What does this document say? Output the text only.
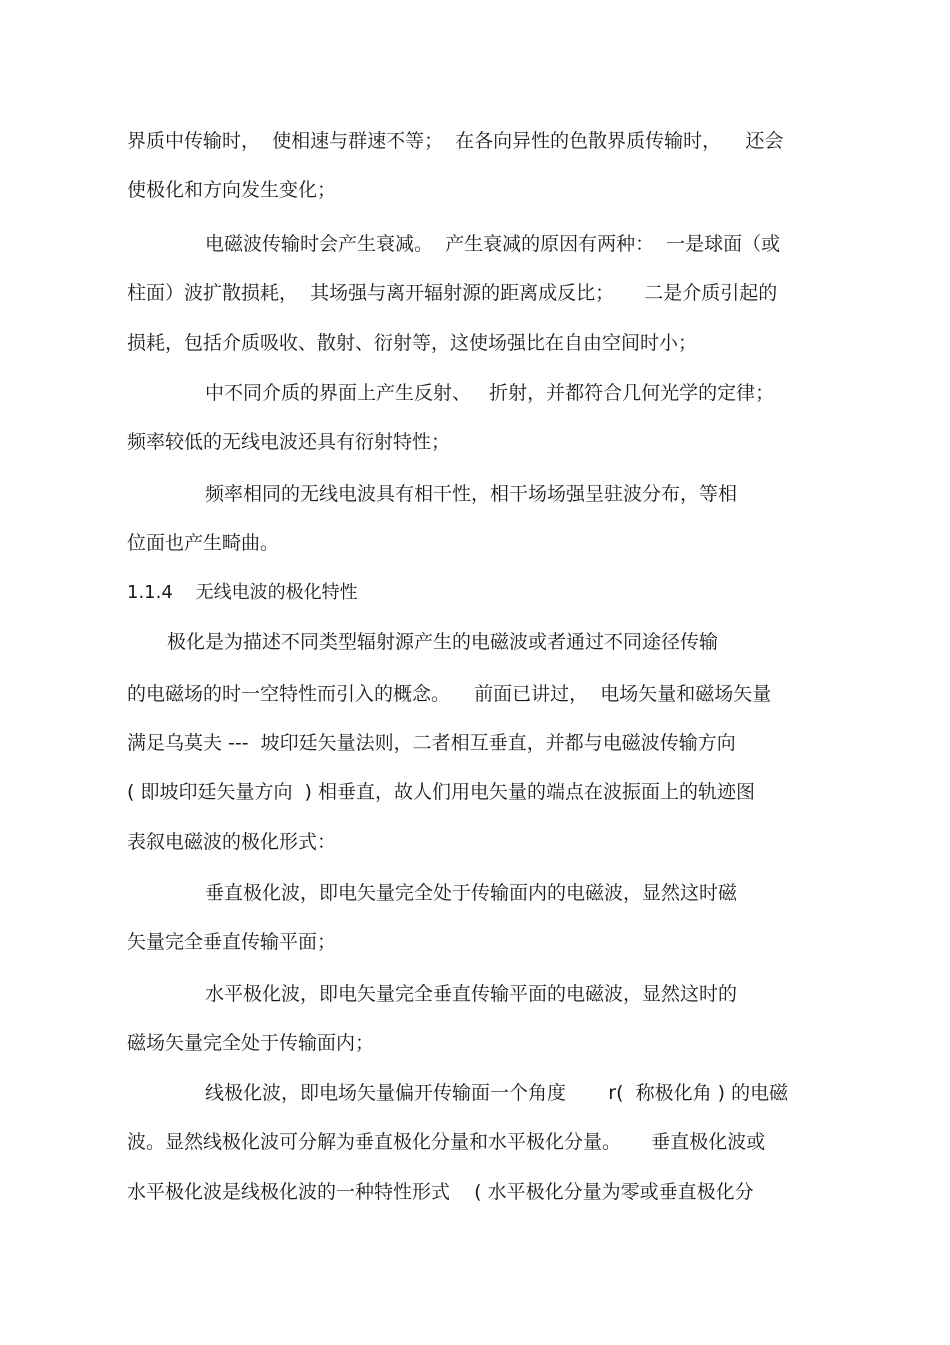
界质中传输时，  使相速与群速不等；  在各向异性的色散界质传输时，    还会
使极化和方向发生变化；
电磁波传输时会产生衰减。  产生衰减的原因有两种：  一是球面（或
柱面）波扩散损耗，  其场强与离开辐射源的距离成反比；     二是介质引起的
损耗，包括介质吸收、散射、衍射等，这使场强比在自由空间时小；
中不同介质的界面上产生反射、   折射，并都符合几何光学的定律；
频率较低的无线电波还具有衍射特性；
频率相同的无线电波具有相干性，相干场场强呈驻波分布，等相
位面也产生畸曲。
1.1.4    无线电波的极化特性
极化是为描述不同类型辐射源产生的电磁波或者通过不同途径传输
的电磁场的时一空特性而引入的概念。    前面已讲过，  电场矢量和磁场矢量
满足乌莫夫 ---  坡印廷矢量法则，二者相互垂直，并都与电磁波传输方向
( 即坡印廷矢量方向  ) 相垂直，故人们用电矢量的端点在波振面上的轨迹图
表叙电磁波的极化形式：
垂直极化波，即电矢量完全处于传输面内的电磁波，显然这时磁
矢量完全垂直传输平面；
水平极化波，即电矢量完全垂直传输平面的电磁波，显然这时的
磁场矢量完全处于传输面内；
线极化波，即电场矢量偏开传输面一个角度       r(  称极化角 ) 的电磁
波。显然线极化波可分解为垂直极化分量和水平极化分量。     垂直极化波或
水平极化波是线极化波的一种特性形式    ( 水平极化分量为零或垂直极化分
